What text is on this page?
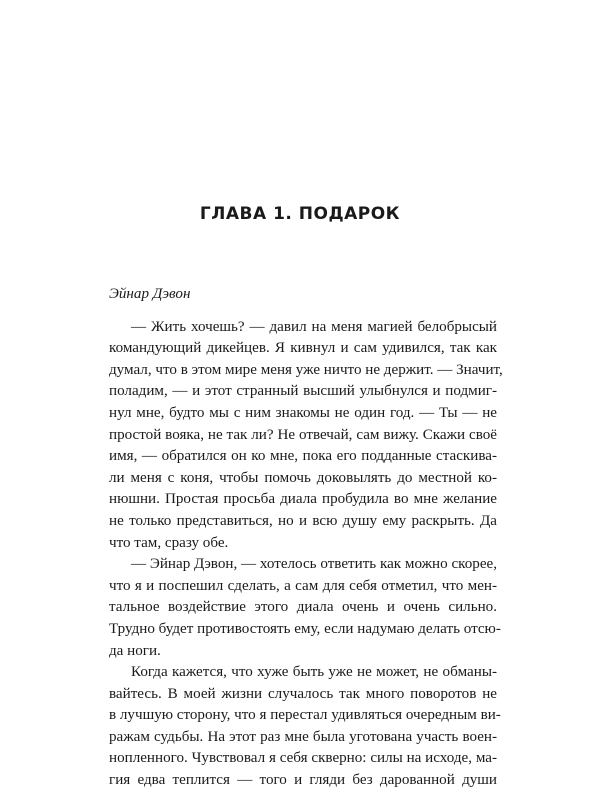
ГЛАВА 1. ПОДАРОК

Эйнар Дэвон

— Жить хочешь? — давил на меня магией белобрысый
командующий дикейцев. Я кивнул и сам удивился, так как
думал, что в этом мире меня уже ничто не держит. — Значит,
поладим, — и этот странный высший улыбнулся и подмиг-
нул мне, будто мы с ним знакомы не один год. — Ты — не
простой вояка, не так ли? Не отвечай, сам вижу. Скажи своё
имя, — обратился он ко мне, пока его подданные стаскива-
ли меня с коня, чтобы помочь доковылять до местной ко-
нюшни. Простая просьба диала пробудила во мне желание
не только представиться, но и всю душу ему раскрыть. Да
что там, сразу обе.

— Эйнар Дэвон, — хотелось ответить как можно скорее,
что я и поспешил сделать, а сам для себя отметил, что мен-
тальное воздействие этого диала очень и очень сильно.
Трудно будет противостоять ему, если надумаю делать отсю-
да ноги.

Когда кажется, что хуже быть уже не может, не обманы-
вайтесь. В моей жизни случалось так много поворотов не
в лучшую сторону, что я перестал удивляться очередным ви-
ражам судьбы. На этот раз мне была уготована участь воен-
нопленного. Чувствовал я себя скверно: силы на исходе, ма-
гия едва теплится — того и гляди без дарованной души
